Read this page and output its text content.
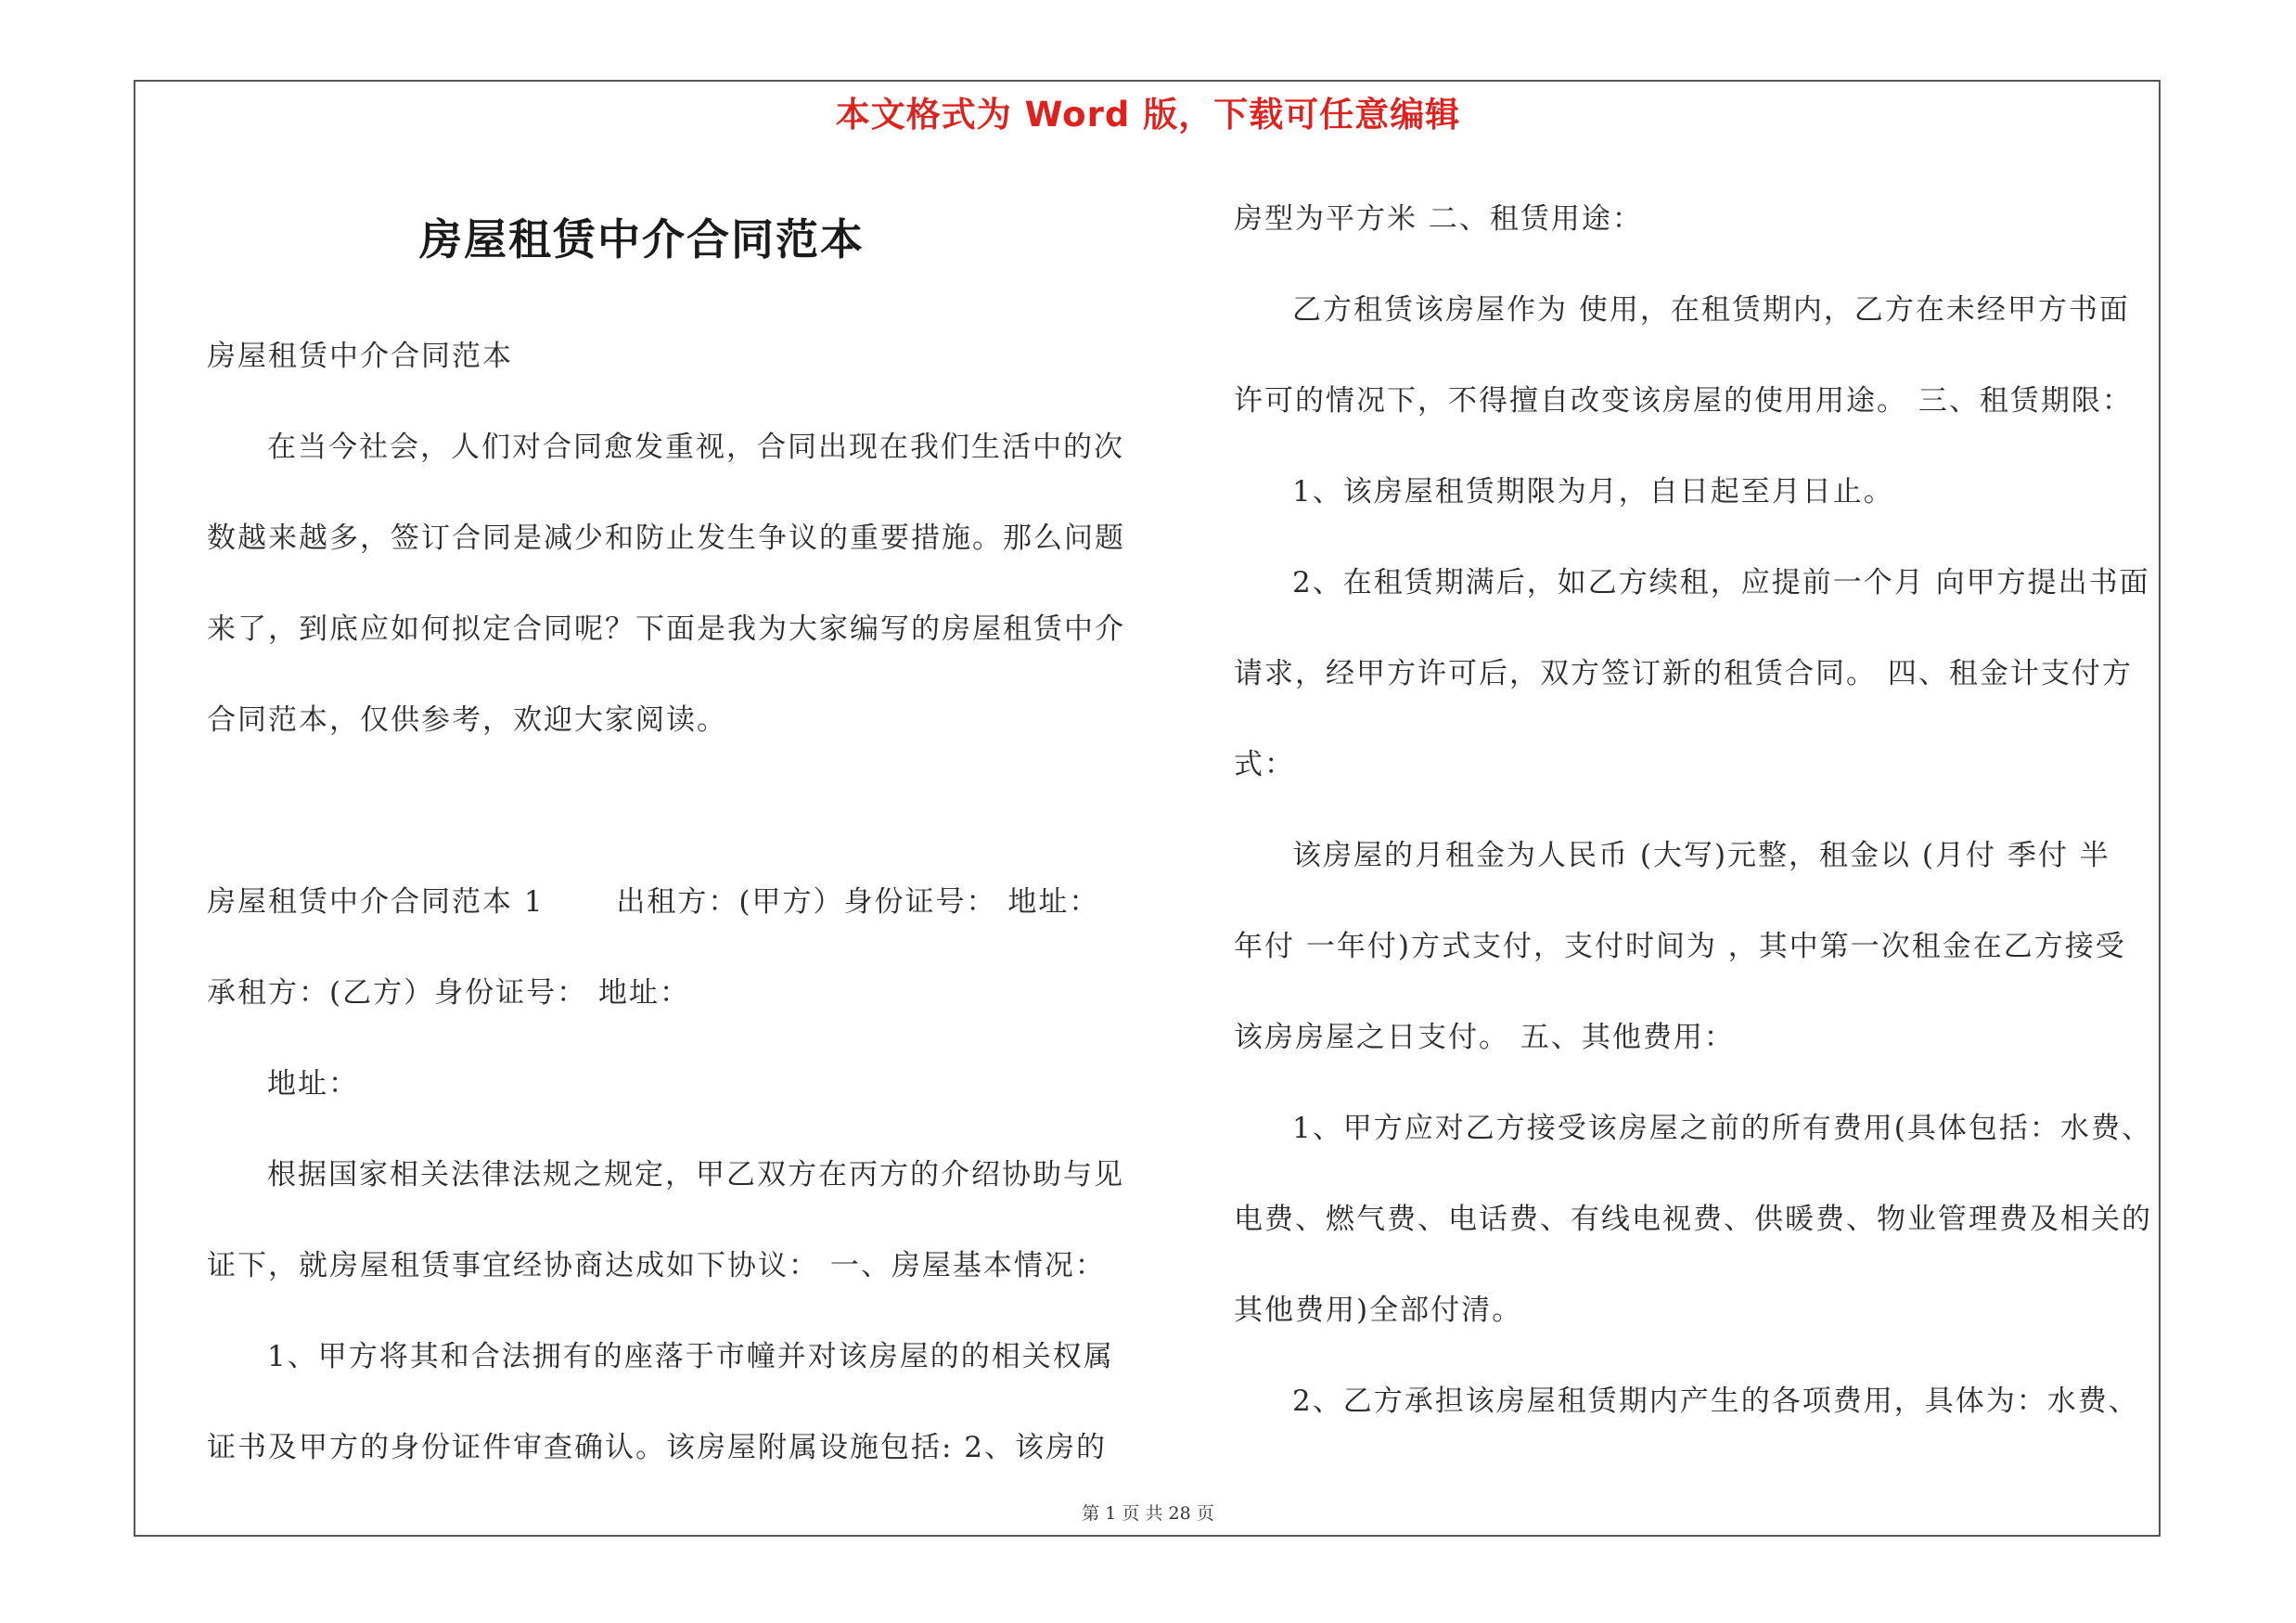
本文格式为 Word 版，下载可任意编辑
房屋租赁中介合同范本
房屋租赁中介合同范本
在当今社会，人们对合同愈发重视，合同出现在我们生活中的次
数越来越多，签订合同是减少和防止发生争议的重要措施。那么问题
来了，到底应如何拟定合同呢？下面是我为大家编写的房屋租赁中介
合同范本，仅供参考，欢迎大家阅读。
房屋租赁中介合同范本 1 　　出租方：(甲方）身份证号： 地址：
承租方：(乙方）身份证号： 地址：
地址：
根据国家相关法律法规之规定，甲乙双方在丙方的介绍协助与见
证下，就房屋租赁事宜经协商达成如下协议： 一、房屋基本情况：
1、甲方将其和合法拥有的座落于市幢并对该房屋的的相关权属
证书及甲方的身份证件审查确认。该房屋附属设施包括: 2、该房的
房型为平方米 二、租赁用途：
乙方租赁该房屋作为 使用，在租赁期内，乙方在未经甲方书面
许可的情况下，不得擅自改变该房屋的使用用途。 三、租赁期限：
1、该房屋租赁期限为月，自日起至月日止。
2、在租赁期满后，如乙方续租，应提前一个月 向甲方提出书面
请求，经甲方许可后，双方签订新的租赁合同。 四、租金计支付方
式：
该房屋的月租金为人民币 (大写)元整，租金以 (月付 季付 半
年付 一年付)方式支付，支付时间为 ，其中第一次租金在乙方接受
该房房屋之日支付。 五、其他费用：
1、甲方应对乙方接受该房屋之前的所有费用(具体包括：水费、
电费、燃气费、电话费、有线电视费、供暖费、物业管理费及相关的
其他费用)全部付清。
2、乙方承担该房屋租赁期内产生的各项费用，具体为：水费、
第 1 页 共 28 页
